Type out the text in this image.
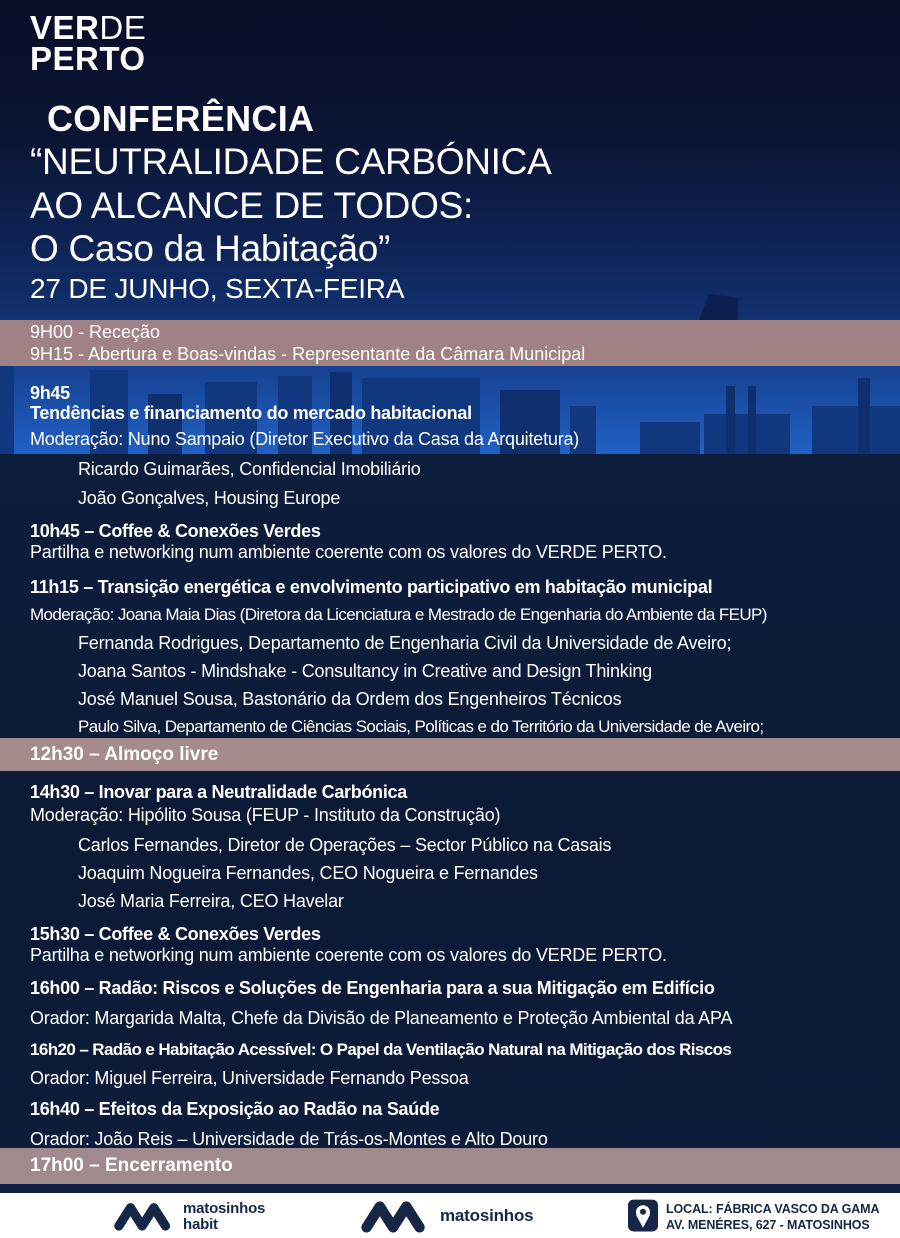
VERDE
PERTO
CONFERÊNCIA
“NEUTRALIDADE CARBÓNICA
AO ALCANCE DE TODOS:
O Caso da Habitação”
27 DE JUNHO, SEXTA-FEIRA
9H00 - Receção
9H15 - Abertura e Boas-vindas - Representante da Câmara Municipal
12h30 – Almoço livre
17h00 – Encerramento
9h45
Tendências e financiamento do mercado habitacional
Moderação: Nuno Sampaio (Diretor Executivo da Casa da Arquitetura)
Ricardo Guimarães, Confidencial Imobiliário
João Gonçalves, Housing Europe
10h45 – Coffee & Conexões Verdes
Partilha e networking num ambiente coerente com os valores do VERDE PERTO.
11h15 – Transição energética e envolvimento participativo em habitação municipal
Moderação: Joana Maia Dias (Diretora da Licenciatura e Mestrado de Engenharia do Ambiente da FEUP)
Fernanda Rodrigues, Departamento de Engenharia Civil da Universidade de Aveiro;
Joana Santos - Mindshake - Consultancy in Creative and Design Thinking
José Manuel Sousa, Bastonário da Ordem dos Engenheiros Técnicos
Paulo Silva, Departamento de Ciências Sociais, Políticas e do Território da Universidade de Aveiro;
14h30 – Inovar para a Neutralidade Carbónica
Moderação: Hipólito Sousa (FEUP - Instituto da Construção)
Carlos Fernandes, Diretor de Operações – Sector Público na Casais
Joaquim Nogueira Fernandes, CEO Nogueira e Fernandes
José Maria Ferreira, CEO Havelar
15h30 – Coffee & Conexões Verdes
Partilha e networking num ambiente coerente com os valores do VERDE PERTO.
16h00 – Radão: Riscos e Soluções de Engenharia para a sua Mitigação em Edifício
Orador: Margarida Malta, Chefe da Divisão de Planeamento e Proteção Ambiental da APA
16h20 – Radão e Habitação Acessível: O Papel da Ventilação Natural na Mitigação dos Riscos
Orador: Miguel Ferreira, Universidade Fernando Pessoa
16h40 – Efeitos da Exposição ao Radão na Saúde
Orador: João Reis – Universidade de Trás-os-Montes e Alto Douro
matosinhos
habit	matosinhos	LOCAL: FÁBRICA VASCO DA GAMA
AV. MENÉRES, 627 - MATOSINHOS
